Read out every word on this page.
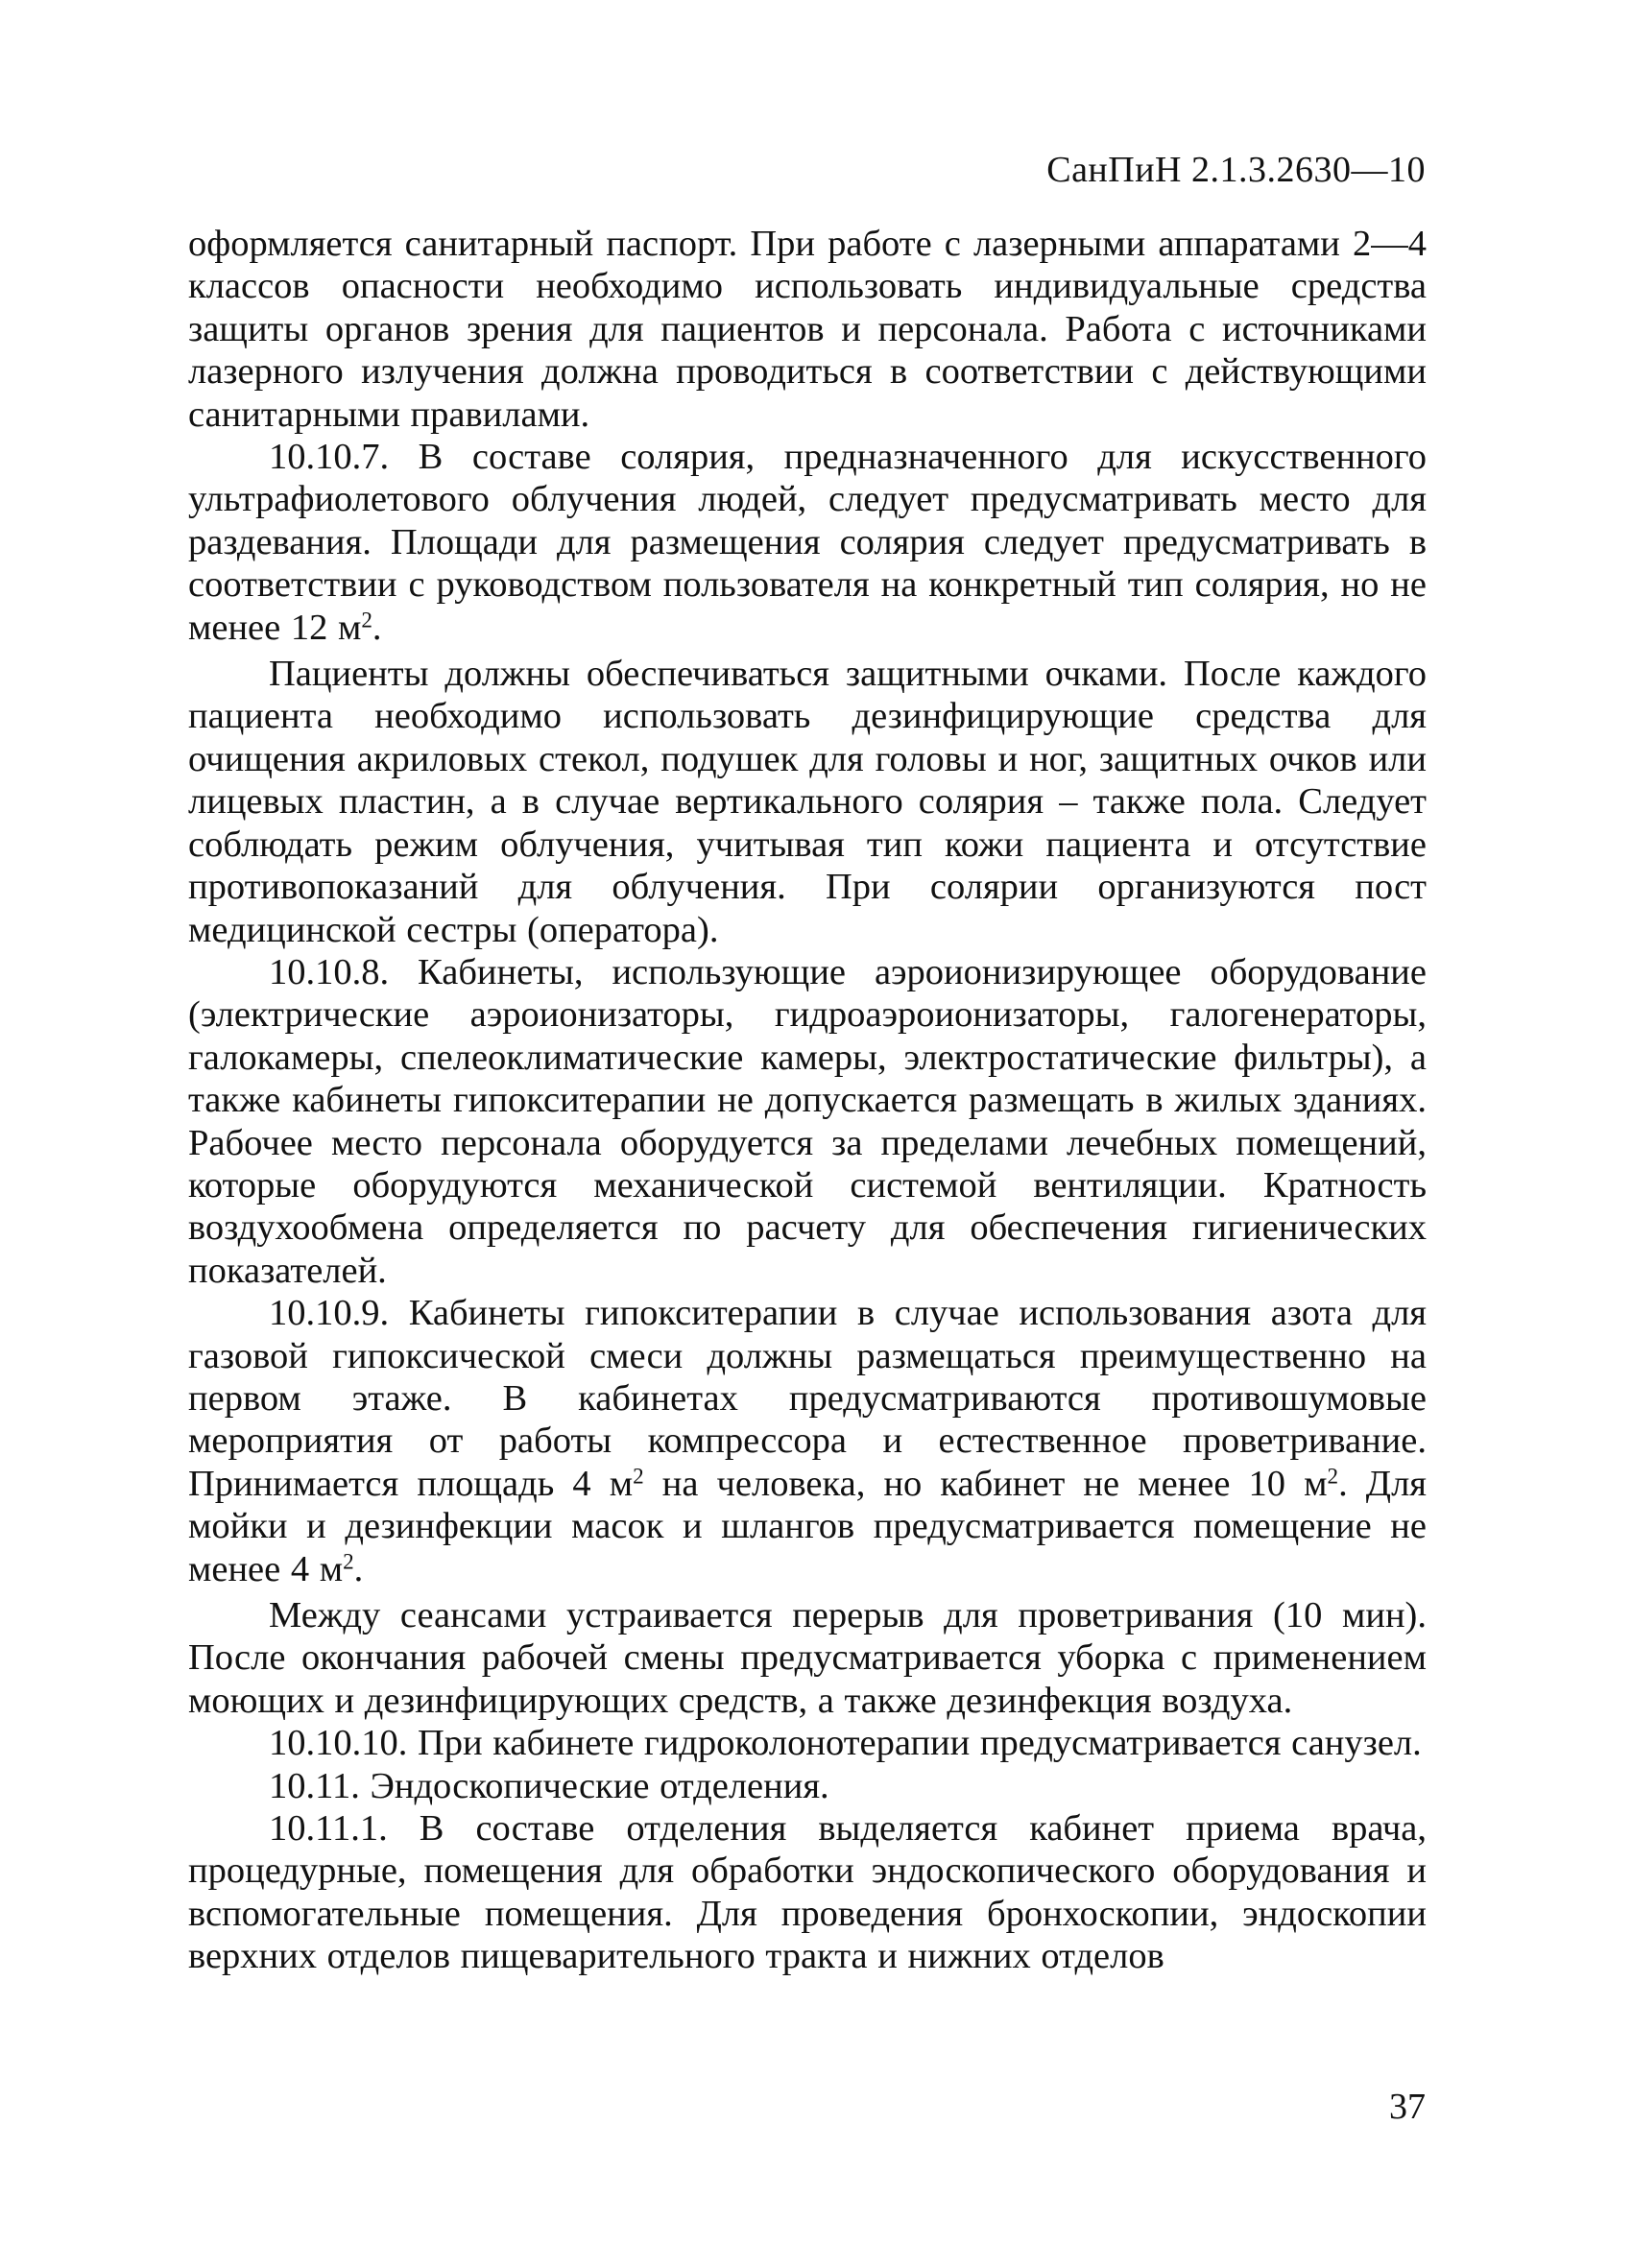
СанПиН 2.1.3.2630—10

оформляется санитарный паспорт. При работе с лазерными аппаратами 2—4 классов опасности необходимо использовать индивидуальные средства защиты органов зрения для пациентов и персонала. Работа с источниками лазерного излучения должна проводиться в соответствии с действующими санитарными правилами.

10.10.7. В составе солярия, предназначенного для искусственного ультрафиолетового облучения людей, следует предусматривать место для раздевания. Площади для размещения солярия следует предусматривать в соответствии с руководством пользователя на конкретный тип солярия, но не менее 12 $м^2$.

Пациенты должны обеспечиваться защитными очками. После каждого пациента необходимо использовать дезинфицирующие средства для очищения акриловых стекол, подушек для головы и ног, защитных очков или лицевых пластин, а в случае вертикального солярия – также пола. Следует соблюдать режим облучения, учитывая тип кожи пациента и отсутствие противопоказаний для облучения. При солярии организуются пост медицинской сестры (оператора).

10.10.8. Кабинеты, использующие аэроионизирующее оборудование (электрические аэроионизаторы, гидроаэроионизаторы, галогенераторы, галокамеры, спелеоклиматические камеры, электростатические фильтры), а также кабинеты гипокситерапии не допускается размещать в жилых зданиях. Рабочее место персонала оборудуется за пределами лечебных помещений, которые оборудуются механической системой вентиляции. Кратность воздухообмена определяется по расчету для обеспечения гигиенических показателей.

10.10.9. Кабинеты гипокситерапии в случае использования азота для газовой гипоксической смеси должны размещаться преимущественно на первом этаже. В кабинетах предусматриваются противошумовые мероприятия от работы компрессора и естественное проветривание. Принимается площадь 4 $м^2$ на человека, но кабинет не менее 10 $м^2$. Для мойки и дезинфекции масок и шлангов предусматривается помещение не менее 4 $м^2$.

Между сеансами устраивается перерыв для проветривания (10 мин). После окончания рабочей смены предусматривается уборка с применением моющих и дезинфицирующих средств, а также дезинфекция воздуха.

10.10.10. При кабинете гидроколонотерапии предусматривается санузел.

10.11. Эндоскопические отделения.

10.11.1. В составе отделения выделяется кабинет приема врача, процедурные, помещения для обработки эндоскопического оборудования и вспомогательные помещения. Для проведения бронхоскопии, эндоскопии верхних отделов пищеварительного тракта и нижних отделов

37
